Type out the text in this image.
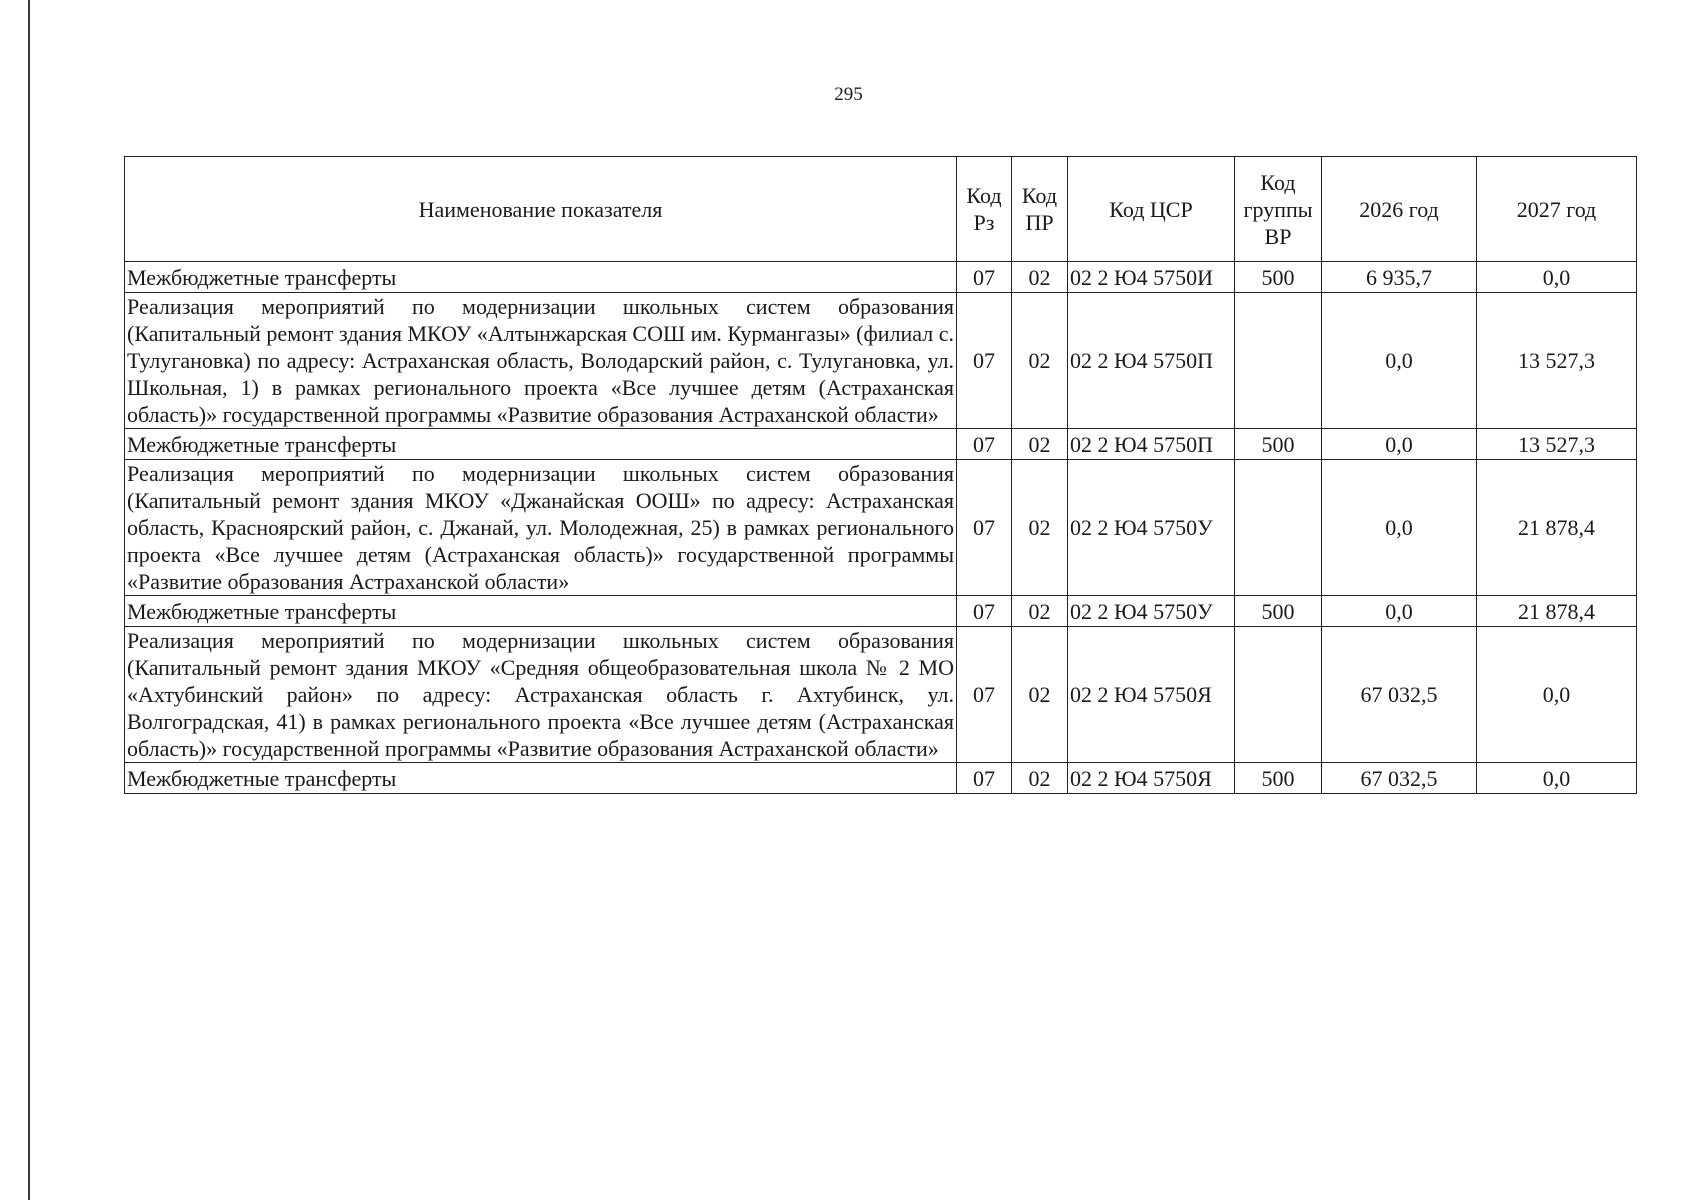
295
Наименование показателя	Код Рз	Код ПР	Код ЦСР	Код группы ВР	2026 год	2027 год
Межбюджетные трансферты	07	02	02 2 Ю4 5750И	500	6 935,7	0,0
Реализация мероприятий по модернизации школьных систем образования (Капитальный ремонт здания МКОУ «Алтынжарская СОШ им. Курмангазы» (филиал с. Тулугановка) по адресу: Астраханская область, Володарский район, с. Тулугановка, ул. Школьная, 1) в рамках регионального проекта «Все лучшее детям (Астраханская область)» государственной программы «Развитие образования Астраханской области»	07	02	02 2 Ю4 5750П		0,0	13 527,3
Межбюджетные трансферты	07	02	02 2 Ю4 5750П	500	0,0	13 527,3
Реализация мероприятий по модернизации школьных систем образования (Капитальный ремонт здания МКОУ «Джанайская ООШ» по адресу: Астраханская область, Красноярский район, с. Джанай, ул. Молодежная, 25) в рамках регионального проекта «Все лучшее детям (Астраханская область)» государственной программы «Развитие образования Астраханской области»	07	02	02 2 Ю4 5750У		0,0	21 878,4
Межбюджетные трансферты	07	02	02 2 Ю4 5750У	500	0,0	21 878,4
Реализация мероприятий по модернизации школьных систем образования (Капитальный ремонт здания МКОУ «Средняя общеобразовательная школа № 2 МО «Ахтубинский район» по адресу: Астраханская область г. Ахтубинск, ул. Волгоградская, 41) в рамках регионального проекта «Все лучшее детям (Астраханская область)» государственной программы «Развитие образования Астраханской области»	07	02	02 2 Ю4 5750Я		67 032,5	0,0
Межбюджетные трансферты	07	02	02 2 Ю4 5750Я	500	67 032,5	0,0
